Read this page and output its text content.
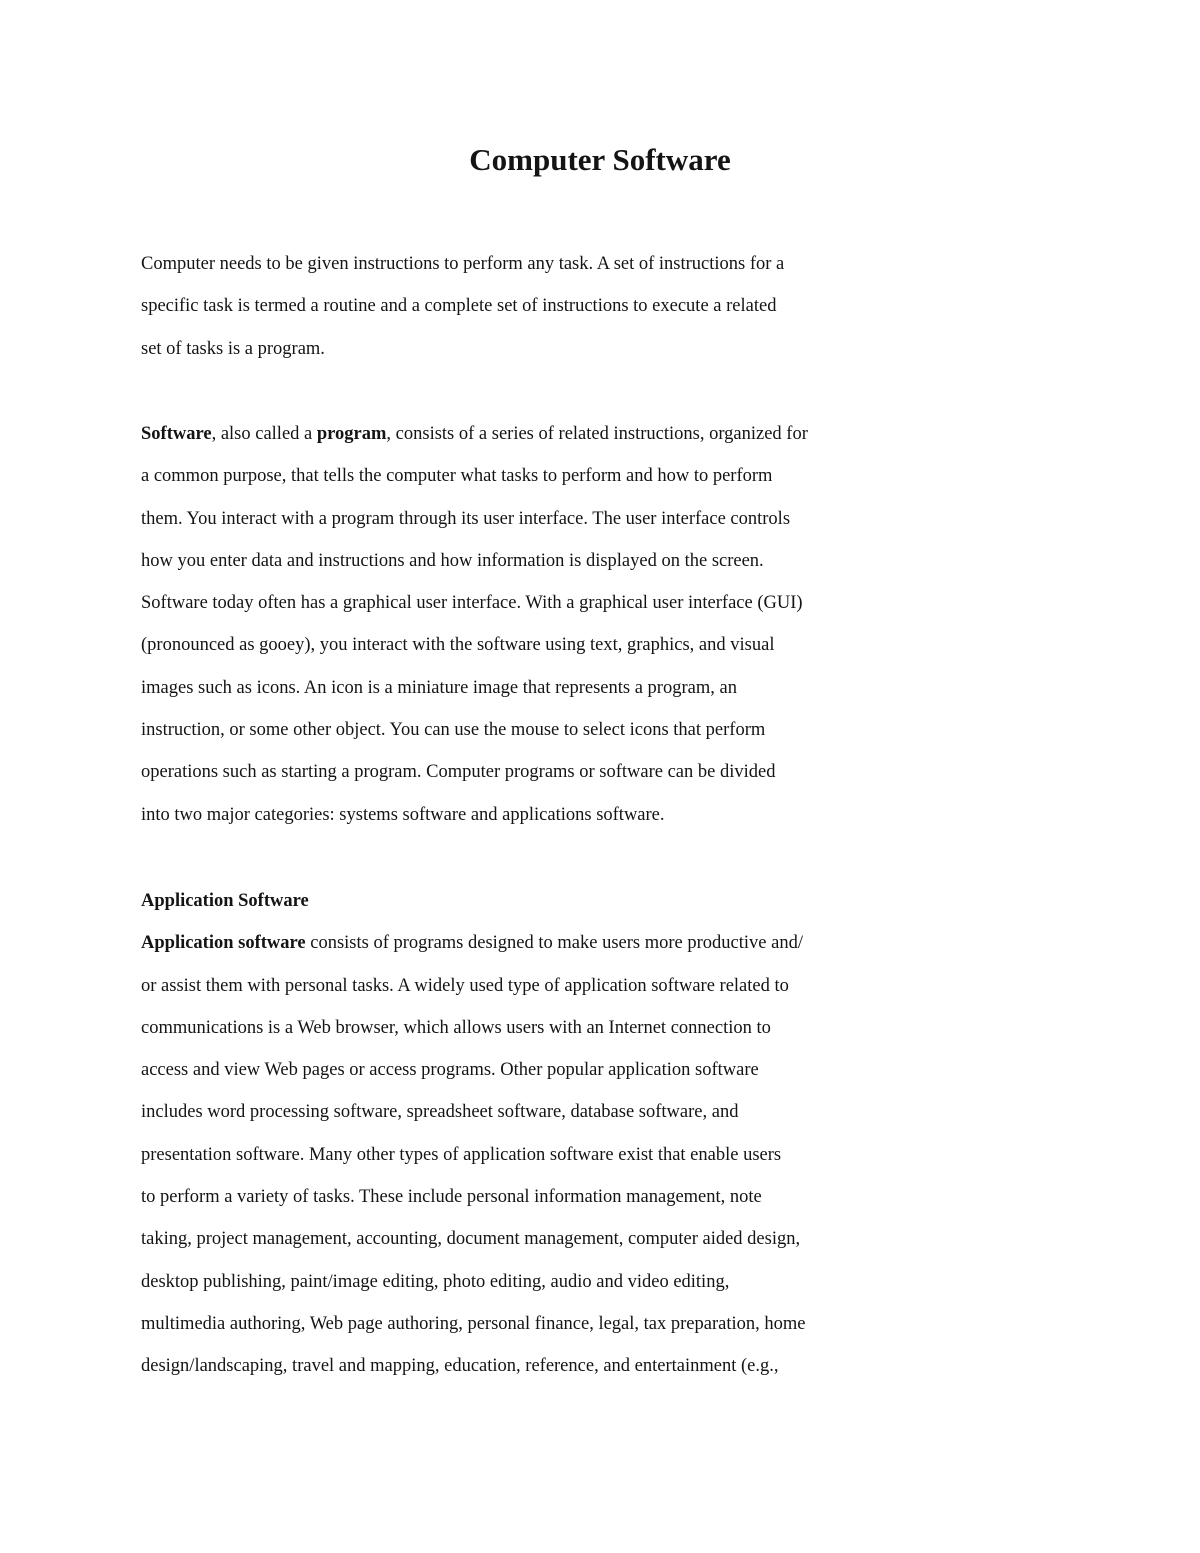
Computer Software
Computer needs to be given instructions to perform any task. A set of instructions for a
specific task is termed a routine and a complete set of instructions to execute a related
set of tasks is a program.
Software, also called a program, consists of a series of related instructions, organized for
a common purpose, that tells the computer what tasks to perform and how to perform
them. You interact with a program through its user interface. The user interface controls
how you enter data and instructions and how information is displayed on the screen.
Software today often has a graphical user interface. With a graphical user interface (GUI)
(pronounced as gooey), you interact with the software using text, graphics, and visual
images such as icons. An icon is a miniature image that represents a program, an
instruction, or some other object. You can use the mouse to select icons that perform
operations such as starting a program. Computer programs or software can be divided
into two major categories: systems software and applications software.
Application Software
Application software consists of programs designed to make users more productive and/
or assist them with personal tasks. A widely used type of application software related to
communications is a Web browser, which allows users with an Internet connection to
access and view Web pages or access programs. Other popular application software
includes word processing software, spreadsheet software, database software, and
presentation software. Many other types of application software exist that enable users
to perform a variety of tasks. These include personal information management, note
taking, project management, accounting, document management, computer aided design,
desktop publishing, paint/image editing, photo editing, audio and video editing,
multimedia authoring, Web page authoring, personal finance, legal, tax preparation, home
design/landscaping, travel and mapping, education, reference, and entertainment (e.g.,
